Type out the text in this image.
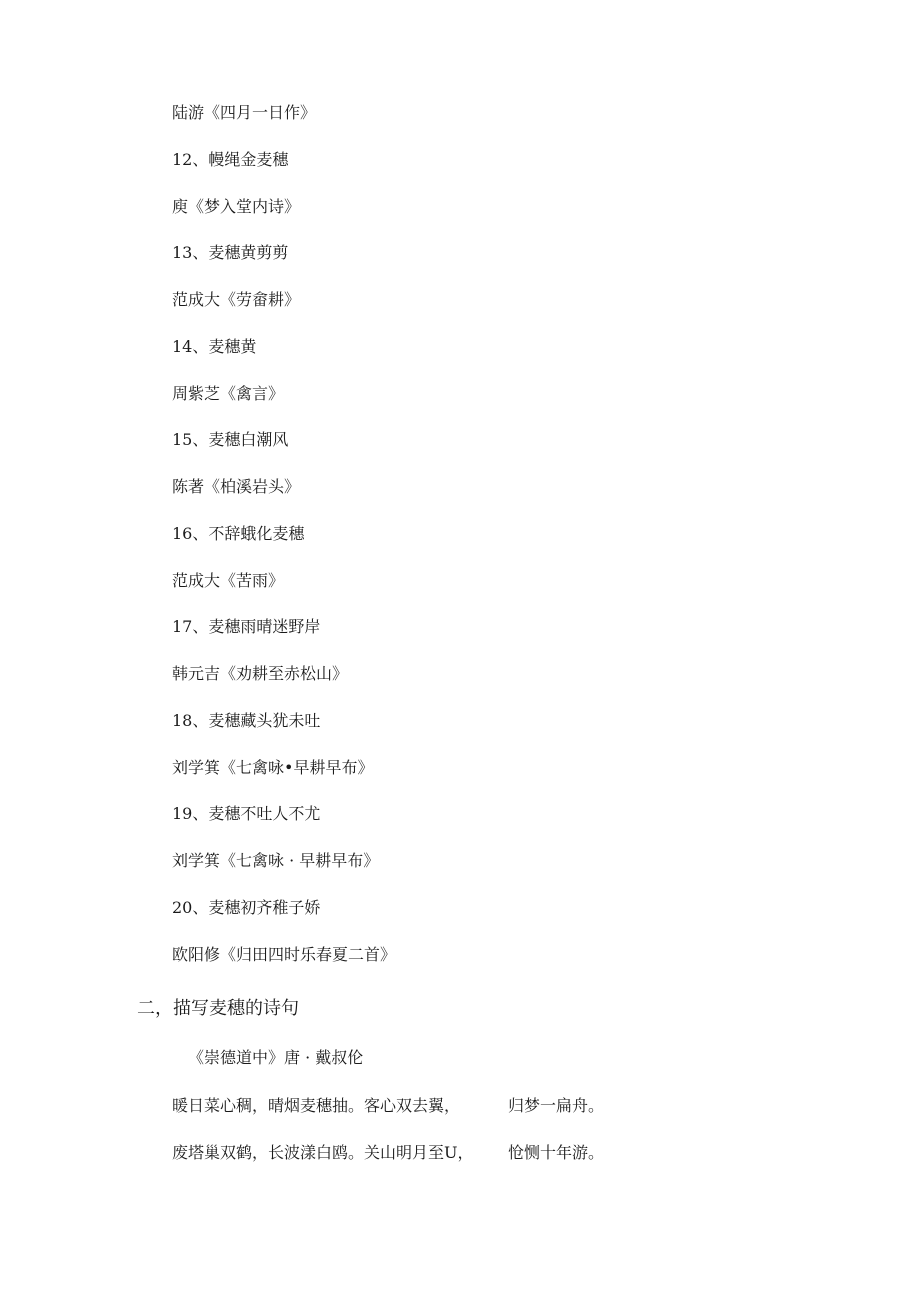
陆游《四月一日作》
12、幔绳金麦穗
庾《梦入堂内诗》
13、麦穗黄剪剪
范成大《劳畲耕》
14、麦穗黄
周紫芝《禽言》
15、麦穗白潮风
陈著《柏溪岩头》
16、不辞蛾化麦穗
范成大《苦雨》
17、麦穗雨晴迷野岸
韩元吉《劝耕至赤松山》
18、麦穗藏头犹未吐
刘学箕《七禽咏•早耕早布》
19、麦穗不吐人不尤
刘学箕《七禽咏 · 早耕早布》
20、麦穗初齐稚子娇
欧阳修《归田四时乐春夏二首》
二，描写麦穗的诗句
《崇德道中》唐 · 戴叔伦
暖日菜心稠，晴烟麦穗抽。客心双去翼，	归梦一扁舟。
废塔巢双鹤，长波漾白鸥。关山明月至U， 怆恻十年游。
